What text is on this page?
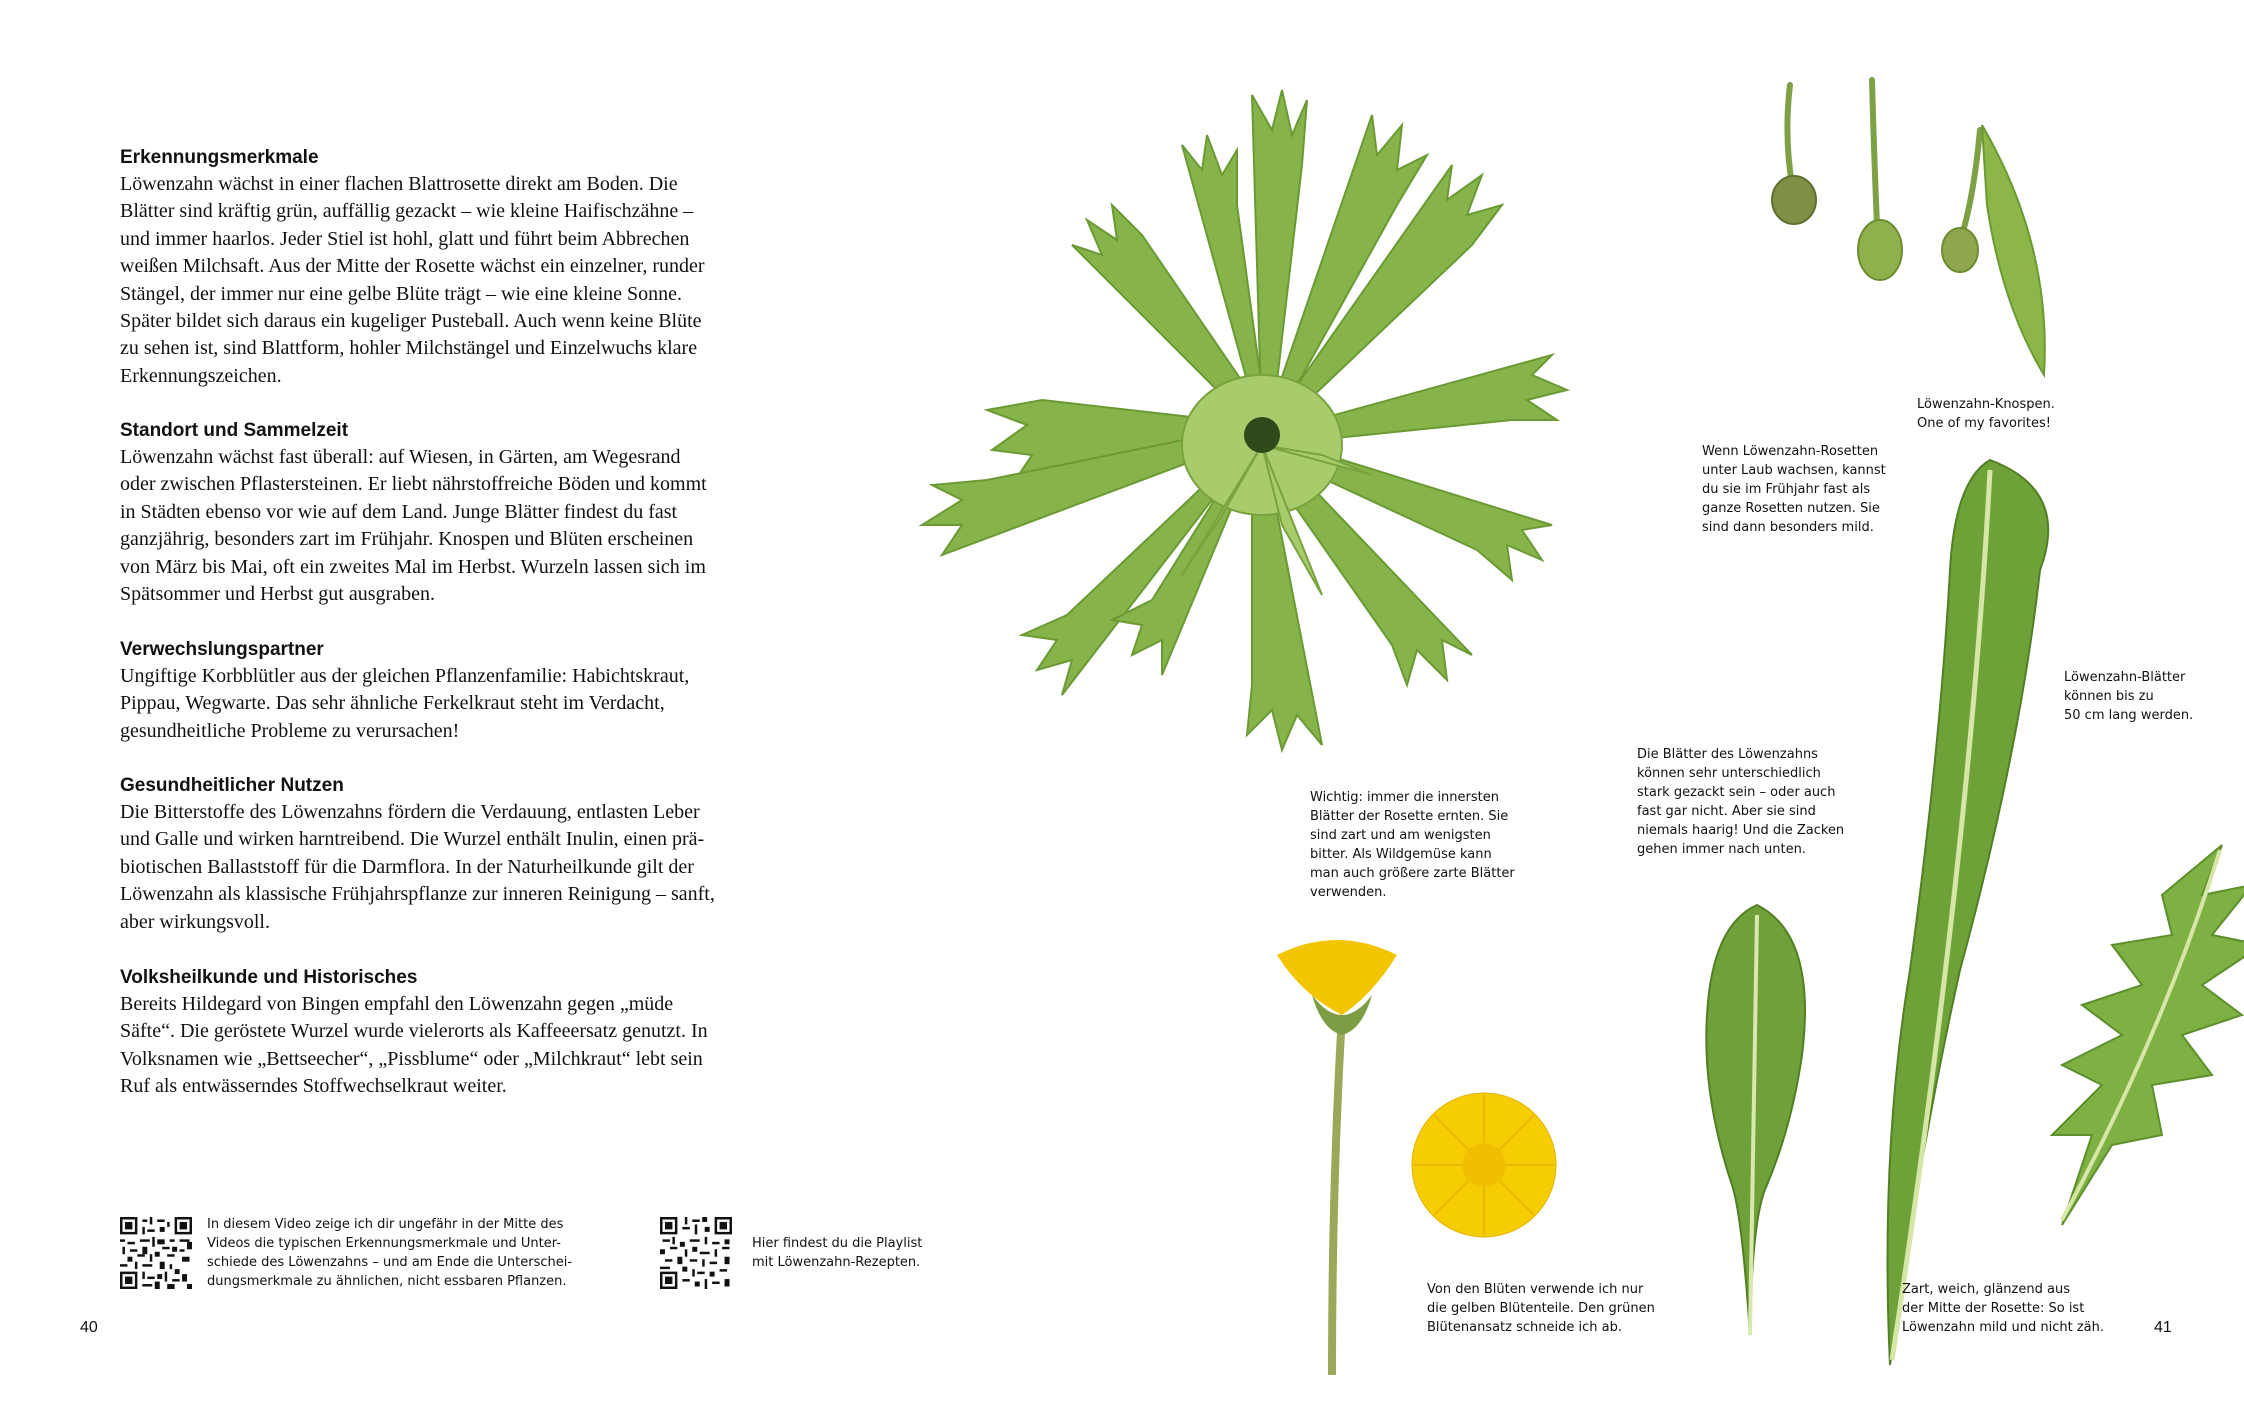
Erkennungsmerkmale

Löwenzahn wächst in einer flachen Blattrosette direkt am Boden. Die

Blätter sind kräftig grün, auffällig gezackt – wie kleine Haifischzähne –

und immer haarlos. Jeder Stiel ist hohl, glatt und führt beim Abbrechen

weißen Milchsaft. Aus der Mitte der Rosette wächst ein einzelner, runder

Stängel, der immer nur eine gelbe Blüte trägt – wie eine kleine Sonne.

Später bildet sich daraus ein kugeliger Pusteball. Auch wenn keine Blüte

zu sehen ist, sind Blattform, hohler Milchstängel und Einzelwuchs klare

Erkennungszeichen.

Standort und Sammelzeit

Löwenzahn wächst fast überall: auf Wiesen, in Gärten, am Wegesrand

oder zwischen Pflastersteinen. Er liebt nährstoffreiche Böden und kommt

in Städten ebenso vor wie auf dem Land. Junge Blätter findest du fast

ganzjährig, besonders zart im Frühjahr. Knospen und Blüten erscheinen

von März bis Mai, oft ein zweites Mal im Herbst. Wurzeln lassen sich im

Spätsommer und Herbst gut ausgraben.

Verwechslungspartner

Ungiftige Korbblütler aus der gleichen Pflanzenfamilie: Habichtskraut,

Pippau, Wegwarte. Das sehr ähnliche Ferkelkraut steht im Verdacht,

gesundheitliche Probleme zu verursachen!

Gesundheitlicher Nutzen

Die Bitterstoffe des Löwenzahns fördern die Verdauung, entlasten Leber

und Galle und wirken harntreibend. Die Wurzel enthält Inulin, einen prä-

biotischen Ballaststoff für die Darmflora. In der Naturheilkunde gilt der

Löwenzahn als klassische Frühjahrspflanze zur inneren Reinigung – sanft,

aber wirkungsvoll.

Volksheilkunde und Historisches

Bereits Hildegard von Bingen empfahl den Löwenzahn gegen „müde

Säfte“. Die geröstete Wurzel wurde vielerorts als Kaffeeersatz genutzt. In

Volksnamen wie „Bettseecher“, „Pissblume“ oder „Milchkraut“ lebt sein

Ruf als entwässerndes Stoffwechselkraut weiter.

In diesem Video zeige ich dir ungefähr in der Mitte des
Videos die typischen Erkennungsmerkmale und Unter-
schiede des Löwenzahns – und am Ende die Unterschei-
dungsmerkmale zu ähnlichen, nicht essbaren Pflanzen.
Hier findest du die Playlist
mit Löwenzahn-Rezepten.
40
Löwenzahn-Knospen.
One of my favorites!
Wenn Löwenzahn-Rosetten
unter Laub wachsen, kannst
du sie im Frühjahr fast als
ganze Rosetten nutzen. Sie
sind dann besonders mild.
Löwenzahn-Blätter
können bis zu
50 cm lang werden.
Die Blätter des Löwenzahns
können sehr unterschiedlich
stark gezackt sein – oder auch
fast gar nicht. Aber sie sind
niemals haarig! Und die Zacken
gehen immer nach unten.
Wichtig: immer die innersten
Blätter der Rosette ernten. Sie
sind zart und am wenigsten
bitter. Als Wildgemüse kann
man auch größere zarte Blätter
verwenden.
Von den Blüten verwende ich nur
die gelben Blütenteile. Den grünen
Blütenansatz schneide ich ab.
Zart, weich, glänzend aus
der Mitte der Rosette: So ist
Löwenzahn mild und nicht zäh.	41
